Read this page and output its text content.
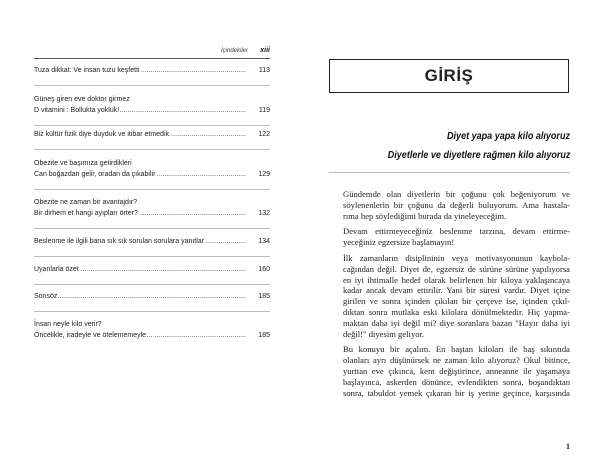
İçindekiler xiii
Tuza dikkat: Ve insan tuzu keşfetti	113
.....
Güneş giren eve doktor girmez
D vitamini : Bollukta yokluk!	119
.....
Biz kültür fizik diye duyduk ve itibar etmedik	122
.....
Obezite ve başımıza getirdikleri
Can boğazdan gelir, oradan da çıkabilir	129
.....
Obezite ne zaman bir avantajdır?
Bir dirhem et hangi ayıpları örter?	132
.....
Beslenme ile ilgili bana sık sık sorulan sorulara yanıtlar	134
.....
Uyanlarla özet	160
.....
Sonsöz	185
.....
İnsan neyle kilo verir?
Öncelikle, iradeyle ve ötelememeyle…	185
.....
GİRİŞ
Diyet yapa yapa kilo alıyoruz
Diyetlerle ve diyetlere rağmen kilo alıyoruz

Gündemde olan diyetlerin bir çoğunu çok beğeniyorum ve
söylenenlerin bir çoğunu da değerli buluyorum. Ama hastala-
rıma hep söylediğimi burada da yineleyeceğim.

Devam ettirmeyeceğiniz beslenme tarzına, devam ettirme-
yeceğiniz egzersize başlamayın!

İlk zamanların disiplininin veya motivasyonunun kaybola-
cağından değil. Diyet de, egzersiz de sürüne sürüne yapılıyorsa
en iyi ihtimalle hedef olarak belirlenen bir kiloya yaklaşıncaya
kadar ancak devam ettirilir. Yani bir süresi vardır. Diyet içine
girilen ve sonra içinden çıkılan bir çerçeve ise, içinden çıkıl-
dıktan sonra mutlaka eski kilolara dönülmektedir. Hiç yapma-
maktan daha iyi değil mi? diye soranlara bazan "Hayır daha iyi
değil!" diyesim geliyor.

Bu konuyu bir açalım. En baştan kiloları ile baş sıkıntıda
olanları ayrı düşünürsek ne zaman kilo alıyoruz? Okul bitince,
yurttan eve çıkınca, kent değiştirince, anneanne ile yaşamaya
başlayınca, askerden dönünce, evlendikten sonra, boşandıktan
sonra, tabuldot yemek çıkaran bir iş yerine geçince, karşısında

1
